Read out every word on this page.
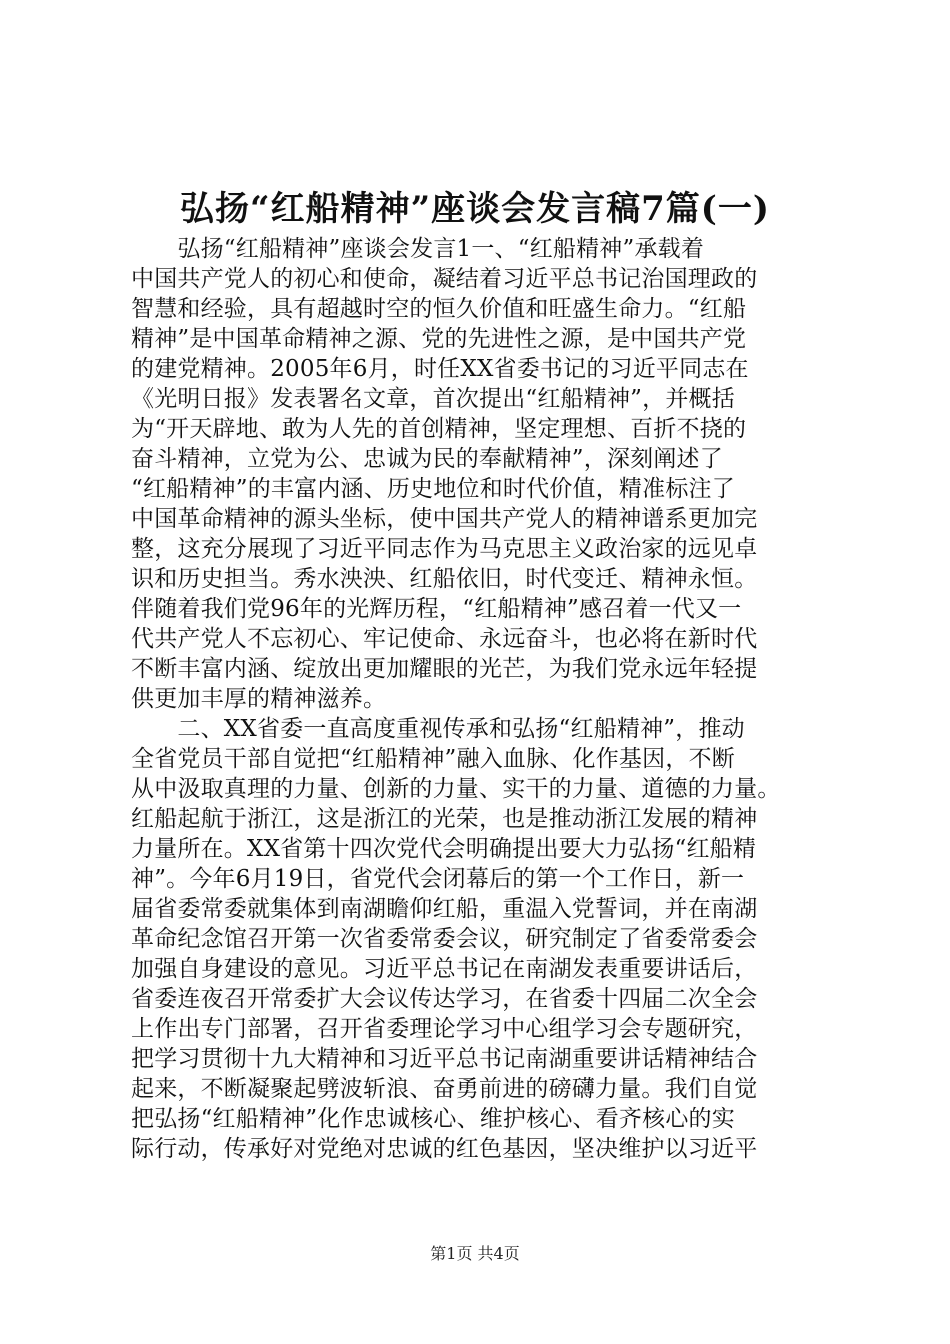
弘扬“红船精神”座谈会发言稿7篇(一)
　　弘扬“红船精神”座谈会发言1一、“红船精神”承载着
中国共产党人的初心和使命，凝结着习近平总书记治国理政的
智慧和经验，具有超越时空的恒久价值和旺盛生命力。“红船
精神”是中国革命精神之源、党的先进性之源，是中国共产党
的建党精神。2005年6月，时任XX省委书记的习近平同志在
《光明日报》发表署名文章，首次提出“红船精神”，并概括
为“开天辟地、敢为人先的首创精神，坚定理想、百折不挠的
奋斗精神，立党为公、忠诚为民的奉献精神”，深刻阐述了
“红船精神”的丰富内涵、历史地位和时代价值，精准标注了
中国革命精神的源头坐标，使中国共产党人的精神谱系更加完
整，这充分展现了习近平同志作为马克思主义政治家的远见卓
识和历史担当。秀水泱泱、红船依旧，时代变迁、精神永恒。
伴随着我们党96年的光辉历程，“红船精神”感召着一代又一
代共产党人不忘初心、牢记使命、永远奋斗，也必将在新时代
不断丰富内涵、绽放出更加耀眼的光芒，为我们党永远年轻提
供更加丰厚的精神滋养。
　　二、XX省委一直高度重视传承和弘扬“红船精神”，推动
全省党员干部自觉把“红船精神”融入血脉、化作基因，不断
从中汲取真理的力量、创新的力量、实干的力量、道德的力量。
红船起航于浙江，这是浙江的光荣，也是推动浙江发展的精神
力量所在。XX省第十四次党代会明确提出要大力弘扬“红船精
神”。今年6月19日，省党代会闭幕后的第一个工作日，新一
届省委常委就集体到南湖瞻仰红船，重温入党誓词，并在南湖
革命纪念馆召开第一次省委常委会议，研究制定了省委常委会
加强自身建设的意见。习近平总书记在南湖发表重要讲话后，
省委连夜召开常委扩大会议传达学习，在省委十四届二次全会
上作出专门部署，召开省委理论学习中心组学习会专题研究，
把学习贯彻十九大精神和习近平总书记南湖重要讲话精神结合
起来，不断凝聚起劈波斩浪、奋勇前进的磅礴力量。我们自觉
把弘扬“红船精神”化作忠诚核心、维护核心、看齐核心的实
际行动，传承好对党绝对忠诚的红色基因，坚决维护以习近平
第1页 共4页
